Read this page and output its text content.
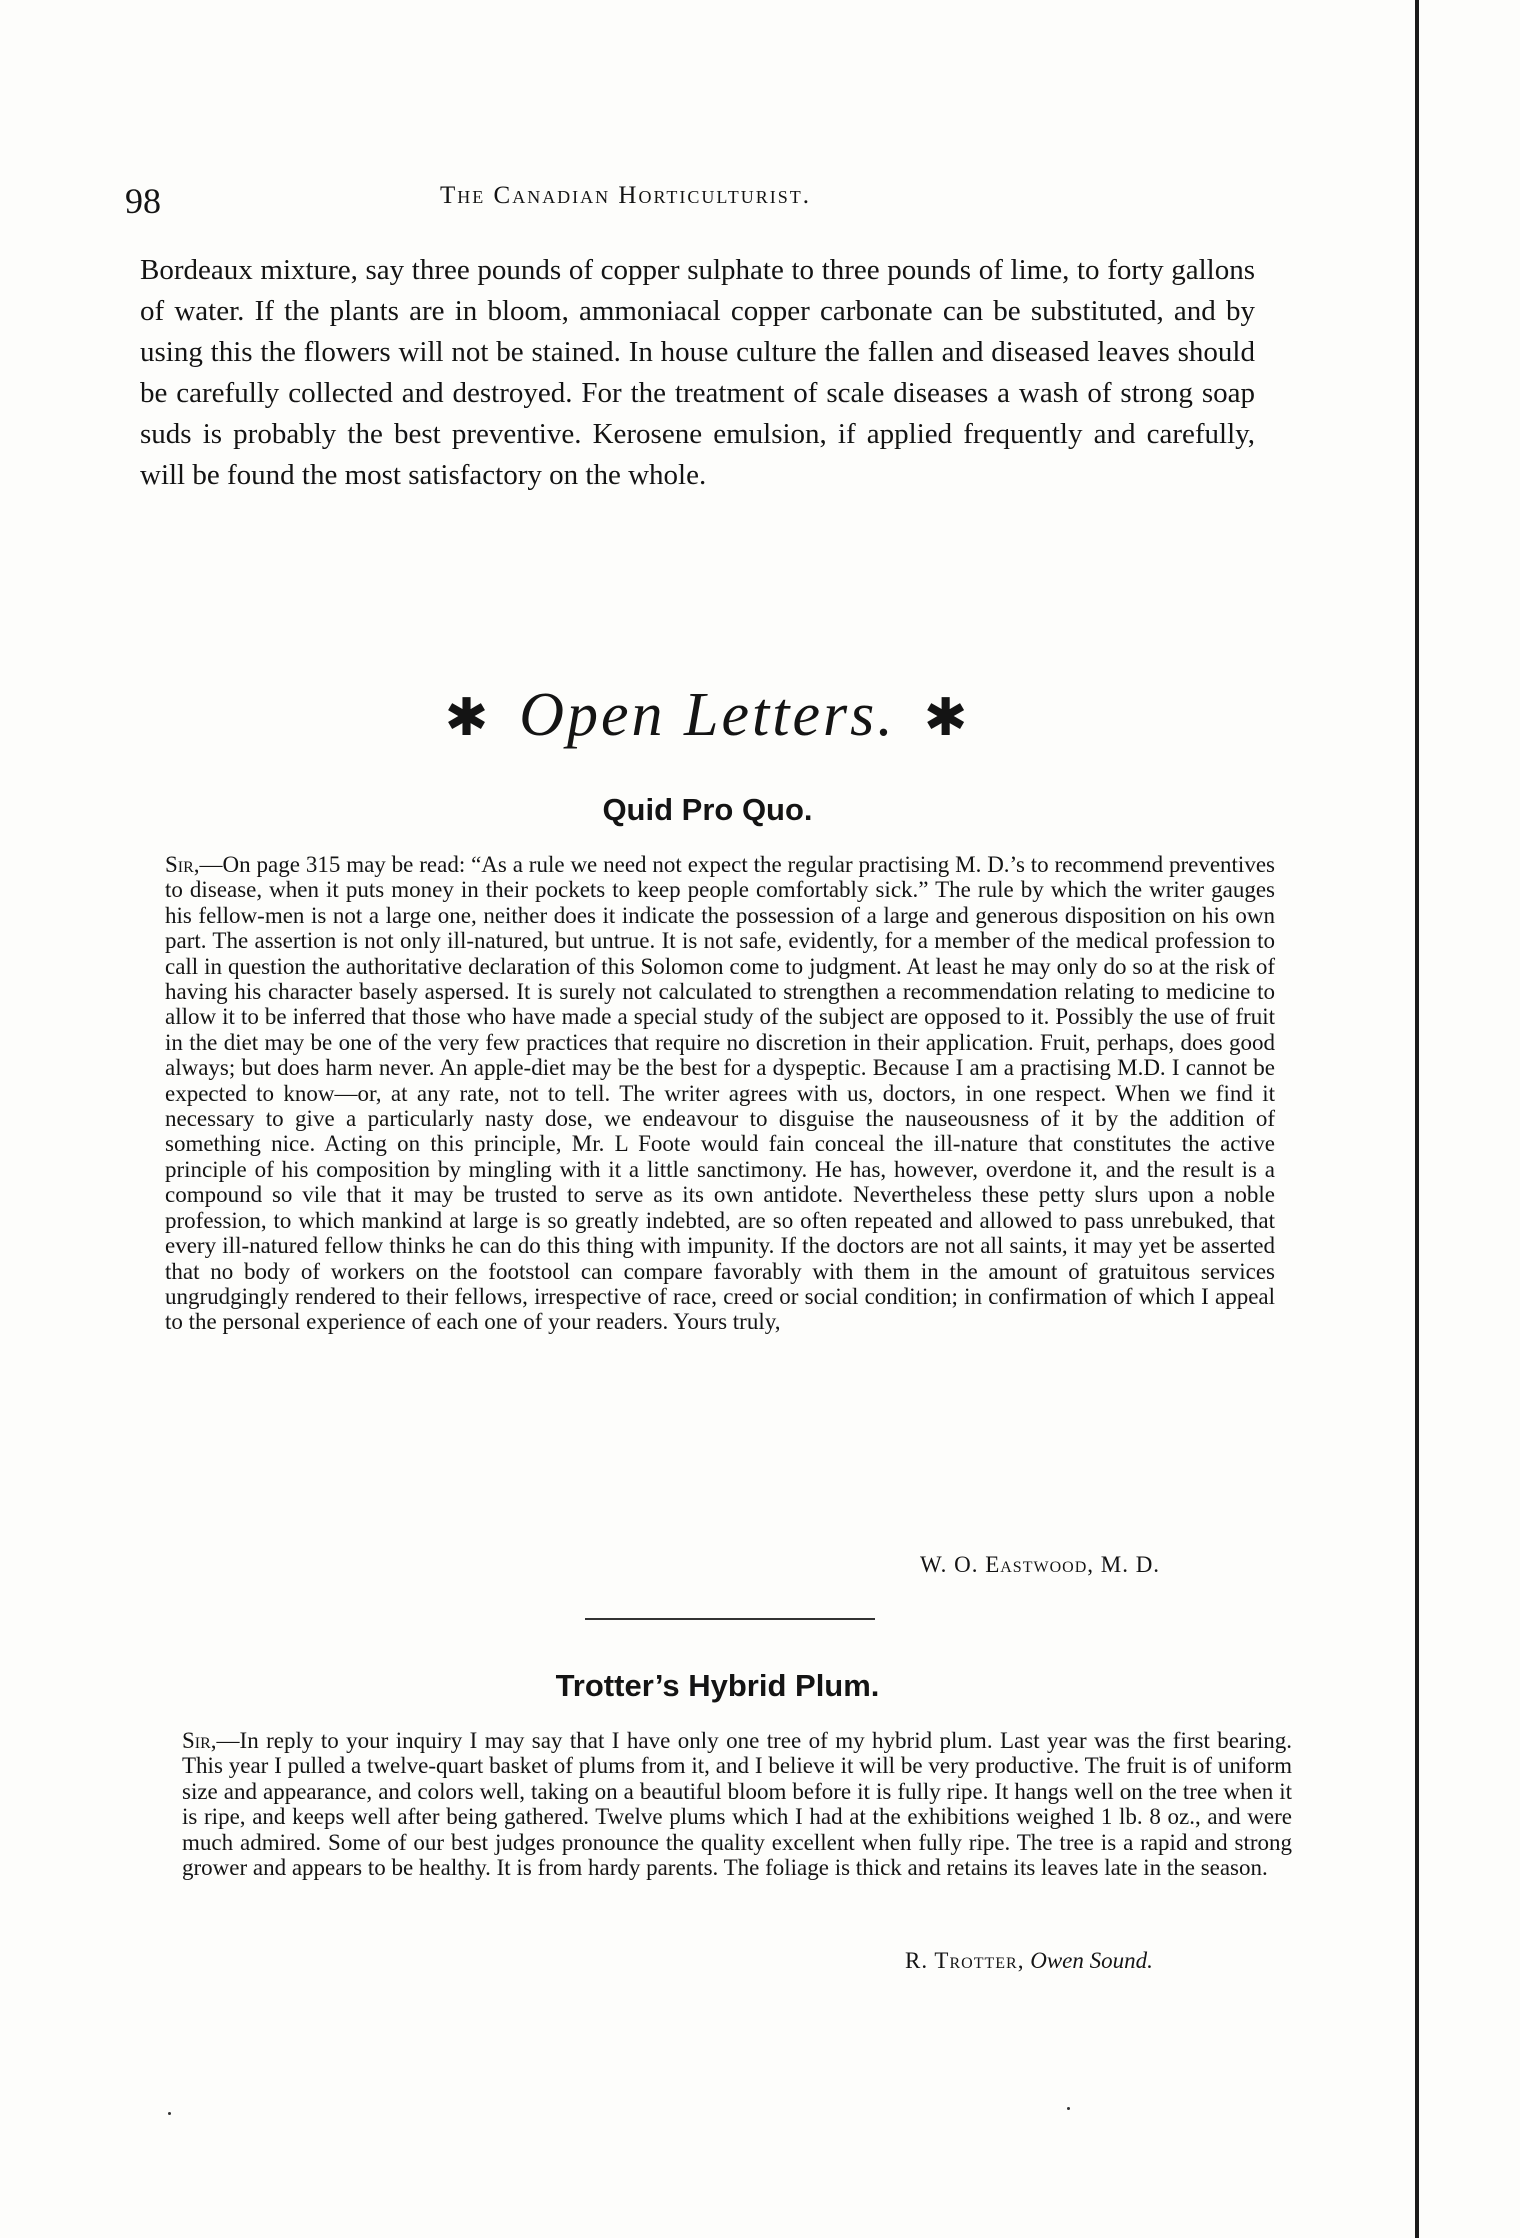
98	The Canadian Horticulturist.
Bordeaux mixture, say three pounds of copper sulphate to three pounds of lime, to forty gallons of water. If the plants are in bloom, ammoniacal copper carbonate can be substituted, and by using this the flowers will not be stained. In house culture the fallen and diseased leaves should be carefully collected and destroyed. For the treatment of scale diseases a wash of strong soap suds is probably the best preventive. Kerosene emulsion, if applied frequently and carefully, will be found the most satisfactory on the whole.
✱ Open Letters. ✱
Quid Pro Quo.
Sir,—On page 315 may be read: “As a rule we need not expect the regular practising M. D.’s to recommend preventives to disease, when it puts money in their pockets to keep people comfortably sick.” The rule by which the writer gauges his fellow-men is not a large one, neither does it indicate the possession of a large and generous disposition on his own part. The assertion is not only ill-natured, but untrue. It is not safe, evidently, for a member of the medical profession to call in question the authoritative declaration of this Solomon come to judgment. At least he may only do so at the risk of having his character basely aspersed. It is surely not calculated to strengthen a recommendation relating to medicine to allow it to be inferred that those who have made a special study of the subject are opposed to it. Possibly the use of fruit in the diet may be one of the very few practices that require no discretion in their application. Fruit, perhaps, does good always; but does harm never. An apple-diet may be the best for a dyspeptic. Because I am a practising M.D. I cannot be expected to know—or, at any rate, not to tell. The writer agrees with us, doctors, in one respect. When we find it necessary to give a particularly nasty dose, we endeavour to disguise the nauseousness of it by the addition of something nice. Acting on this principle, Mr. L Foote would fain conceal the ill-nature that constitutes the active principle of his composition by mingling with it a little sanctimony. He has, however, overdone it, and the result is a compound so vile that it may be trusted to serve as its own antidote. Nevertheless these petty slurs upon a noble profession, to which mankind at large is so greatly indebted, are so often repeated and allowed to pass unrebuked, that every ill-natured fellow thinks he can do this thing with impunity. If the doctors are not all saints, it may yet be asserted that no body of workers on the footstool can compare favorably with them in the amount of gratuitous services ungrudgingly rendered to their fellows, irrespective of race, creed or social condition; in confirmation of which I appeal to the personal experience of each one of your readers. Yours truly,
W. O. Eastwood, M. D.
Trotter’s Hybrid Plum.
Sir,—In reply to your inquiry I may say that I have only one tree of my hybrid plum. Last year was the first bearing. This year I pulled a twelve-quart basket of plums from it, and I believe it will be very productive. The fruit is of uniform size and appearance, and colors well, taking on a beautiful bloom before it is fully ripe. It hangs well on the tree when it is ripe, and keeps well after being gathered. Twelve plums which I had at the exhibitions weighed 1 lb. 8 oz., and were much admired. Some of our best judges pronounce the quality excellent when fully ripe. The tree is a rapid and strong grower and appears to be healthy. It is from hardy parents. The foliage is thick and retains its leaves late in the season.
R. Trotter, Owen Sound.
